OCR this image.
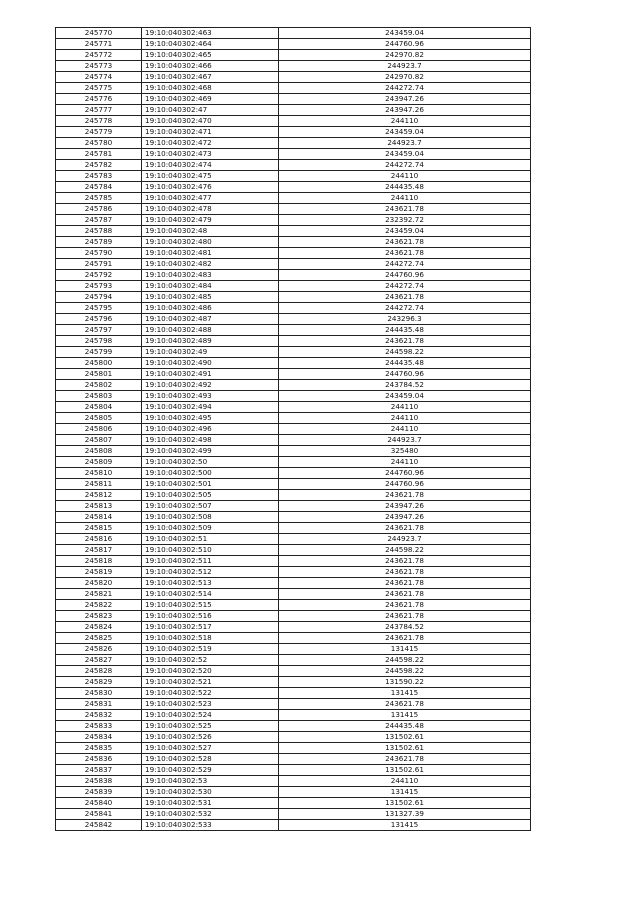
245770	19:10:040302:463	243459.04
245771	19:10:040302:464	244760.96
245772	19:10:040302:465	242970.82
245773	19:10:040302:466	244923.7
245774	19:10:040302:467	242970.82
245775	19:10:040302:468	244272.74
245776	19:10:040302:469	243947.26
245777	19:10:040302:47	243947.26
245778	19:10:040302:470	244110
245779	19:10:040302:471	243459.04
245780	19:10:040302:472	244923.7
245781	19:10:040302:473	243459.04
245782	19:10:040302:474	244272.74
245783	19:10:040302:475	244110
245784	19:10:040302:476	244435.48
245785	19:10:040302:477	244110
245786	19:10:040302:478	243621.78
245787	19:10:040302:479	232392.72
245788	19:10:040302:48	243459.04
245789	19:10:040302:480	243621.78
245790	19:10:040302:481	243621.78
245791	19:10:040302:482	244272.74
245792	19:10:040302:483	244760.96
245793	19:10:040302:484	244272.74
245794	19:10:040302:485	243621.78
245795	19:10:040302:486	244272.74
245796	19:10:040302:487	243296.3
245797	19:10:040302:488	244435.48
245798	19:10:040302:489	243621.78
245799	19:10:040302:49	244598.22
245800	19:10:040302:490	244435.48
245801	19:10:040302:491	244760.96
245802	19:10:040302:492	243784.52
245803	19:10:040302:493	243459.04
245804	19:10:040302:494	244110
245805	19:10:040302:495	244110
245806	19:10:040302:496	244110
245807	19:10:040302:498	244923.7
245808	19:10:040302:499	325480
245809	19:10:040302:50	244110
245810	19:10:040302:500	244760.96
245811	19:10:040302:501	244760.96
245812	19:10:040302:505	243621.78
245813	19:10:040302:507	243947.26
245814	19:10:040302:508	243947.26
245815	19:10:040302:509	243621.78
245816	19:10:040302:51	244923.7
245817	19:10:040302:510	244598.22
245818	19:10:040302:511	243621.78
245819	19:10:040302:512	243621.78
245820	19:10:040302:513	243621.78
245821	19:10:040302:514	243621.78
245822	19:10:040302:515	243621.78
245823	19:10:040302:516	243621.78
245824	19:10:040302:517	243784.52
245825	19:10:040302:518	243621.78
245826	19:10:040302:519	131415
245827	19:10:040302:52	244598.22
245828	19:10:040302:520	244598.22
245829	19:10:040302:521	131590.22
245830	19:10:040302:522	131415
245831	19:10:040302:523	243621.78
245832	19:10:040302:524	131415
245833	19:10:040302:525	244435.48
245834	19:10:040302:526	131502.61
245835	19:10:040302:527	131502.61
245836	19:10:040302:528	243621.78
245837	19:10:040302:529	131502.61
245838	19:10:040302:53	244110
245839	19:10:040302:530	131415
245840	19:10:040302:531	131502.61
245841	19:10:040302:532	131327.39
245842	19:10:040302:533	131415
